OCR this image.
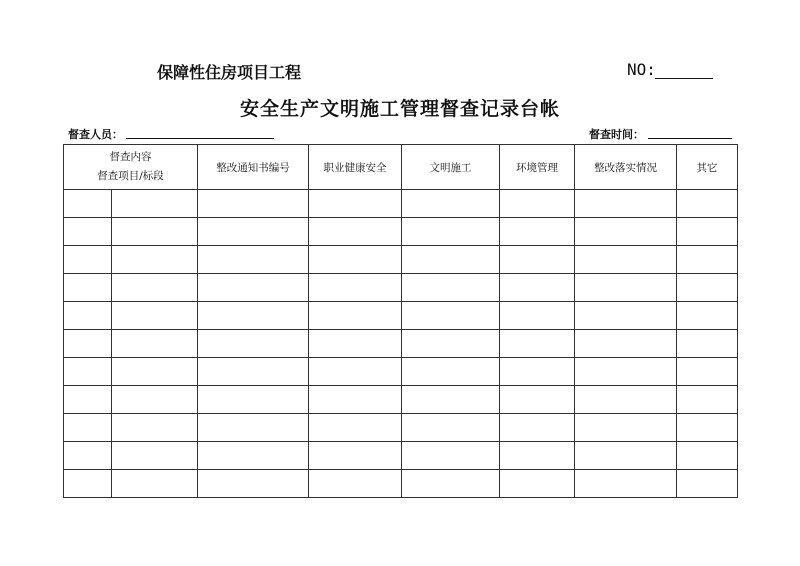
保障性住房项目工程	NO:
安全生产文明施工管理督查记录台帐
督查人员：	督查时间：
督查内容
督查项目/标段		整改通知书编号	职业健康安全	文明施工	环境管理	整改落实情况	其它
